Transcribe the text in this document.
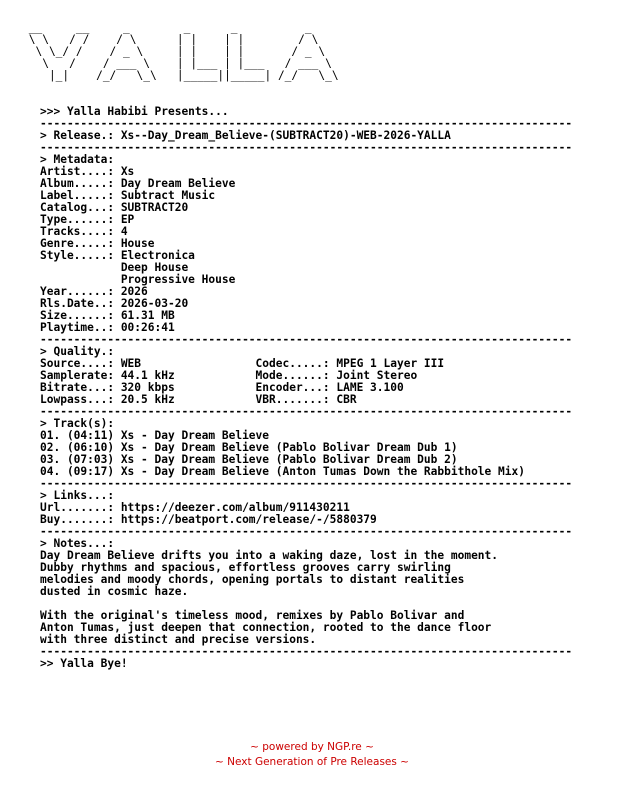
__     __     _        _      _          _
\ \   / /    / \      | |    | |        / \
\ \_/ /    / _ \     | |    | |       / _ \
\   /    / ___ \    | |___ | |___   / ___ \
|_|    /_/   \_\   |_____||_____| /_/   \_\

>>> Yalla Habibi Presents...
-------------------------------------------------------------------------------
> Release.: Xs--Day_Dream_Believe-(SUBTRACT20)-WEB-2026-YALLA
-------------------------------------------------------------------------------
> Metadata:
Artist....: Xs
Album.....: Day Dream Believe
Label.....: Subtract Music
Catalog...: SUBTRACT20
Type......: EP
Tracks....: 4
Genre.....: House
Style.....: Electronica
Deep House
Progressive House
Year......: 2026
Rls.Date..: 2026-03-20
Size......: 61.31 MB
Playtime..: 00:26:41
-------------------------------------------------------------------------------
> Quality.:
Source....: WEB                 Codec.....: MPEG 1 Layer III
Samplerate: 44.1 kHz            Mode......: Joint Stereo
Bitrate...: 320 kbps            Encoder...: LAME 3.100
Lowpass...: 20.5 kHz            VBR.......: CBR
-------------------------------------------------------------------------------
> Track(s):
01. (04:11) Xs - Day Dream Believe
02. (06:10) Xs - Day Dream Believe (Pablo Bolivar Dream Dub 1)
03. (07:03) Xs - Day Dream Believe (Pablo Bolivar Dream Dub 2)
04. (09:17) Xs - Day Dream Believe (Anton Tumas Down the Rabbithole Mix)
-------------------------------------------------------------------------------
> Links...:
Url.......: https://deezer.com/album/911430211
Buy.......: https://beatport.com/release/-/5880379
-------------------------------------------------------------------------------
> Notes...:
Day Dream Believe drifts you into a waking daze, lost in the moment.
Dubby rhythms and spacious, effortless grooves carry swirling
melodies and moody chords, opening portals to distant realities
dusted in cosmic haze.

With the original's timeless mood, remixes by Pablo Bolivar and
Anton Tumas, just deepen that connection, rooted to the dance floor
with three distinct and precise versions.
-------------------------------------------------------------------------------
>> Yalla Bye!
~ powered by NGP.re ~
~ Next Generation of Pre Releases ~
